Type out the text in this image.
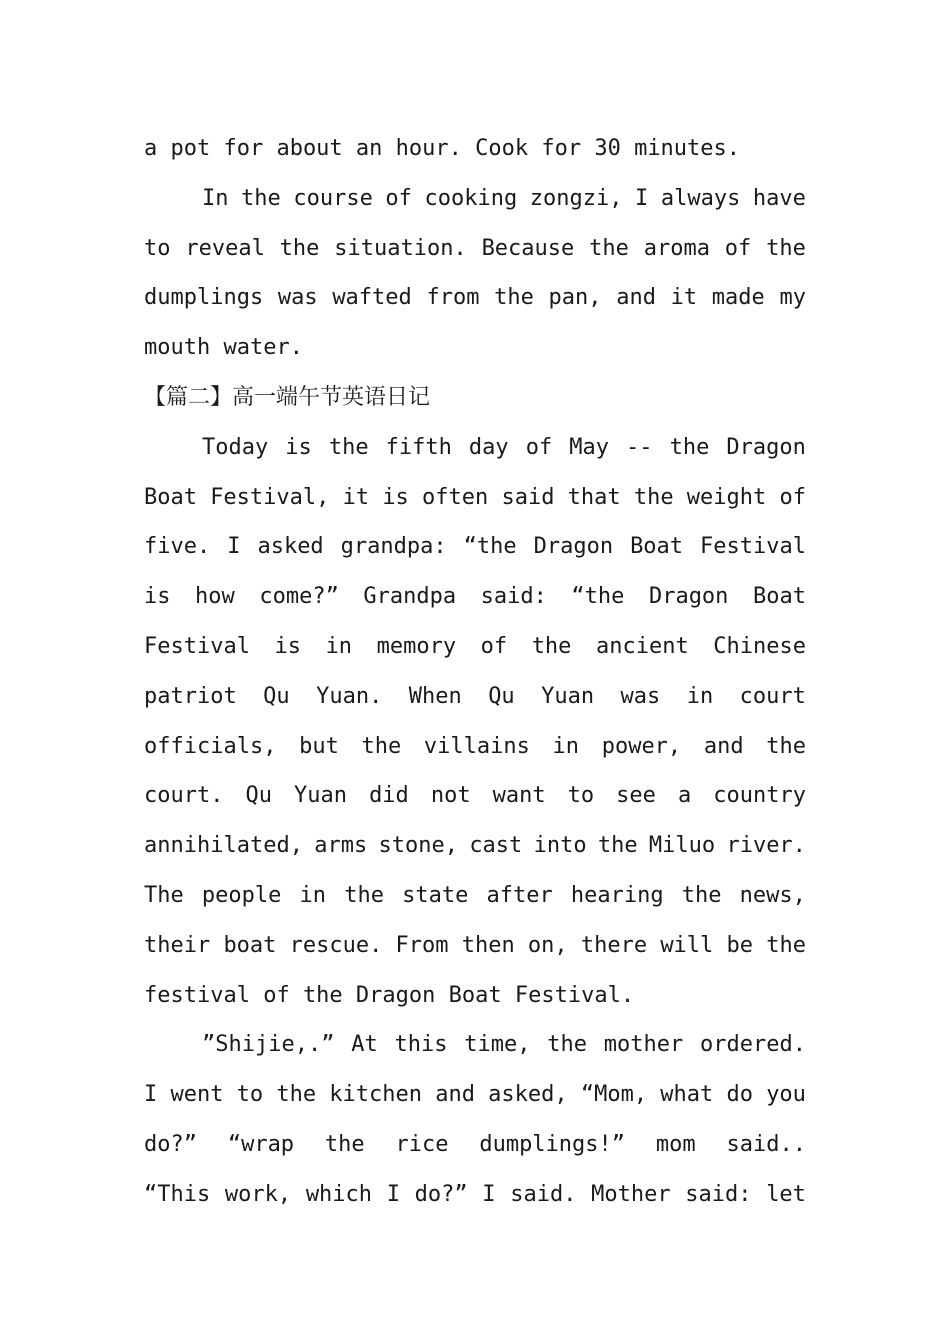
a pot for about an hour. Cook for 30 minutes.
In the course of cooking zongzi, I always have
to reveal the situation. Because the aroma of the
dumplings was wafted from the pan, and it made my
mouth water.
【篇二】高一端午节英语日记
Today is the fifth day of May -- the Dragon
Boat Festival, it is often said that the weight of
five. I asked grandpa: “the Dragon Boat Festival
is how come?” Grandpa said: “the Dragon Boat
Festival is in memory of the ancient Chinese
patriot Qu Yuan. When Qu Yuan was in court
officials, but the villains in power, and the
court. Qu Yuan did not want to see a country
annihilated, arms stone, cast into the Miluo river.
The people in the state after hearing the news,
their boat rescue. From then on, there will be the
festival of the Dragon Boat Festival.
”Shijie,.” At this time, the mother ordered.
I went to the kitchen and asked, “Mom, what do you
do?” “wrap the rice dumplings!” mom said..
“This work, which I do?” I said. Mother said: let
